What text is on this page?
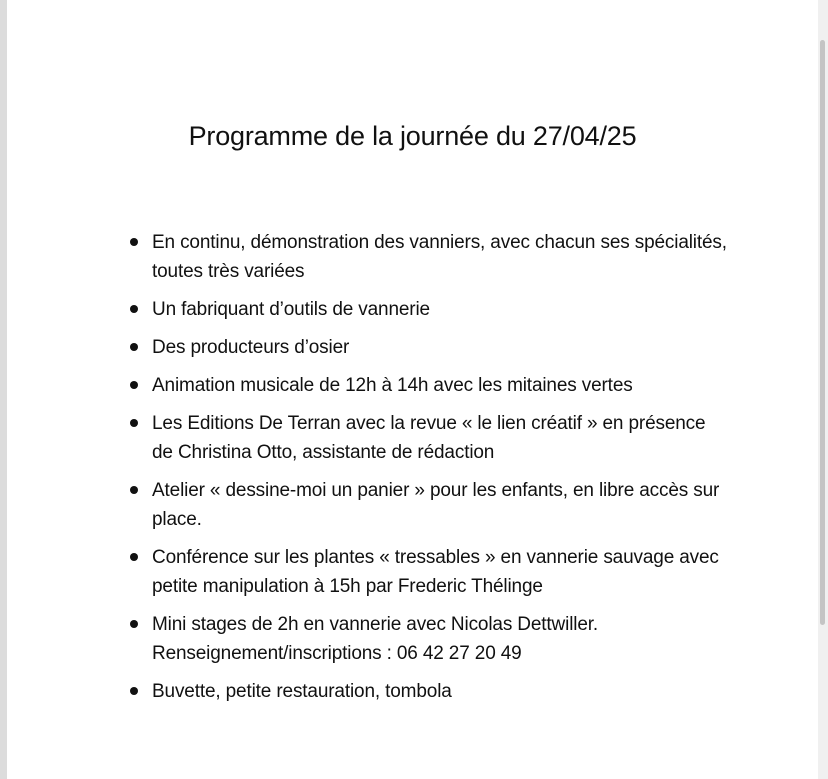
Programme de la journée du 27/04/25
En continu, démonstration des vanniers, avec chacun ses spécialités, toutes très variées
Un fabriquant d’outils de vannerie
Des producteurs d’osier
Animation musicale de 12h à 14h avec les mitaines vertes
Les Editions De Terran avec la revue « le lien créatif » en présence de Christina Otto, assistante de rédaction
Atelier « dessine-moi un panier » pour les enfants, en libre accès sur place.
Conférence sur les plantes « tressables » en vannerie sauvage avec petite manipulation à 15h par Frederic Thélinge
Mini stages de 2h en vannerie avec Nicolas Dettwiller. Renseignement/inscriptions : 06 42 27 20 49
Buvette, petite restauration, tombola
